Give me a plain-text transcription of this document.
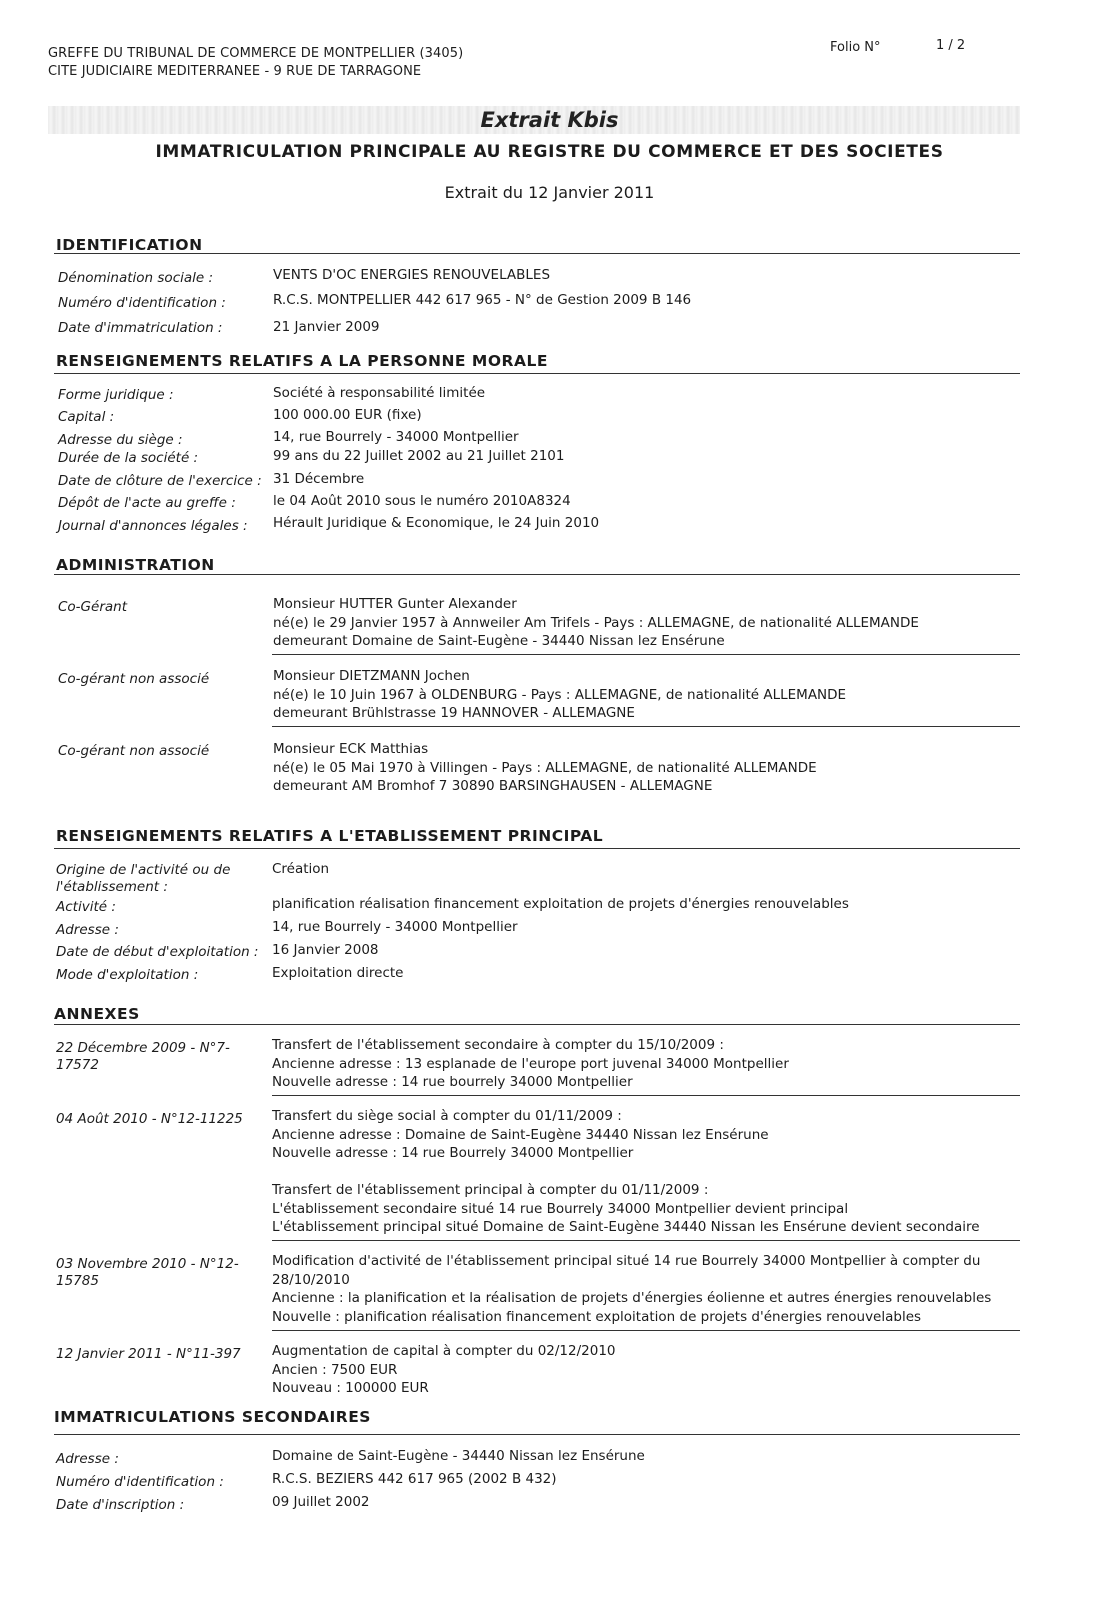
GREFFE DU TRIBUNAL DE COMMERCE DE MONTPELLIER (3405)
CITE JUDICIAIRE MEDITERRANEE - 9 RUE DE TARRAGONE
Folio N°	1 / 2
Extrait Kbis
IMMATRICULATION PRINCIPALE AU REGISTRE DU COMMERCE ET DES SOCIETES
Extrait du 12 Janvier 2011
IDENTIFICATION
Dénomination sociale :	VENTS D'OC ENERGIES RENOUVELABLES
Numéro d'identification :	R.C.S. MONTPELLIER 442 617 965 - N° de Gestion 2009 B 146
Date d'immatriculation :	21 Janvier 2009
RENSEIGNEMENTS RELATIFS A LA PERSONNE MORALE
Forme juridique :	Société à responsabilité limitée
Capital :	100 000.00 EUR (fixe)
Adresse du siège :	14, rue Bourrely - 34000 Montpellier
Durée de la société :	99 ans du 22 Juillet 2002 au 21 Juillet 2101
Date de clôture de l'exercice : 31 Décembre
Dépôt de l'acte au greffe :	le 04 Août 2010 sous le numéro 2010A8324
Journal d'annonces légales : Hérault Juridique & Economique, le 24 Juin 2010
ADMINISTRATION
Co-Gérant	Monsieur HUTTER Gunter Alexander
né(e) le 29 Janvier 1957 à Annweiler Am Trifels - Pays : ALLEMAGNE, de nationalité ALLEMANDE
demeurant Domaine de Saint-Eugène - 34440 Nissan lez Ensérune
Co-gérant non associé	Monsieur DIETZMANN Jochen
né(e) le 10 Juin 1967 à OLDENBURG - Pays : ALLEMAGNE, de nationalité ALLEMANDE
demeurant Brühlstrasse 19 HANNOVER - ALLEMAGNE
Co-gérant non associé	Monsieur ECK Matthias
né(e) le 05 Mai 1970 à Villingen - Pays : ALLEMAGNE, de nationalité ALLEMANDE
demeurant AM Bromhof 7 30890 BARSINGHAUSEN - ALLEMAGNE
RENSEIGNEMENTS RELATIFS A L'ETABLISSEMENT PRINCIPAL
Origine de l'activité ou de
l'établissement :
Création
Activité :	planification réalisation financement exploitation de projets d'énergies renouvelables
Adresse :	14, rue Bourrely - 34000 Montpellier
Date de début d'exploitation : 16 Janvier 2008
Mode d'exploitation :	Exploitation directe
ANNEXES
22 Décembre 2009 - N°7-
17572
Transfert de l'établissement secondaire à compter du 15/10/2009 :
Ancienne adresse : 13 esplanade de l'europe port juvenal 34000 Montpellier
Nouvelle adresse : 14 rue bourrely 34000 Montpellier
04 Août 2010 - N°12-11225 Transfert du siège social à compter du 01/11/2009 :
Ancienne adresse : Domaine de Saint-Eugène 34440 Nissan lez Ensérune
Nouvelle adresse : 14 rue Bourrely 34000 Montpellier
Transfert de l'établissement principal à compter du 01/11/2009 :
L'établissement secondaire situé 14 rue Bourrely 34000 Montpellier devient principal
L'établissement principal situé Domaine de Saint-Eugène 34440 Nissan les Ensérune devient secondaire
03 Novembre 2010 - N°12-
15785
Modification d'activité de l'établissement principal situé 14 rue Bourrely 34000 Montpellier à compter du
28/10/2010
Ancienne : la planification et la réalisation de projets d'énergies éolienne et autres énergies renouvelables
Nouvelle : planification réalisation financement exploitation de projets d'énergies renouvelables
12 Janvier 2011 - N°11-397 Augmentation de capital à compter du 02/12/2010
Ancien : 7500 EUR
Nouveau : 100000 EUR
IMMATRICULATIONS SECONDAIRES
Adresse :	Domaine de Saint-Eugène - 34440 Nissan lez Ensérune
Numéro d'identification :	R.C.S. BEZIERS 442 617 965 (2002 B 432)
Date d'inscription :	09 Juillet 2002
